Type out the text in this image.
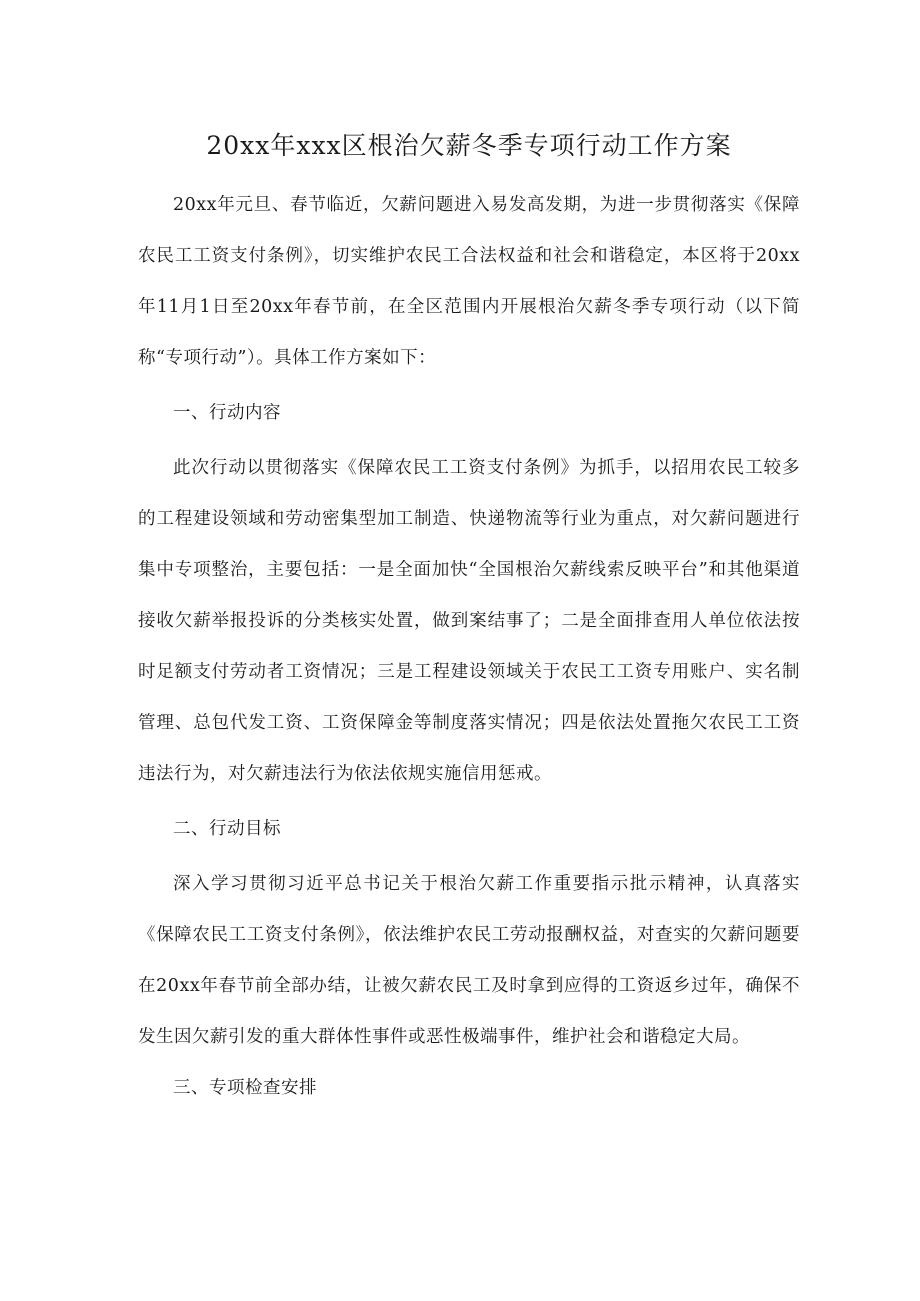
20xx年xxx区根治欠薪冬季专项行动工作方案

20xx年元旦、春节临近，欠薪问题进入易发高发期，为进一步贯彻落实《保障农民工工资支付条例》，切实维护农民工合法权益和社会和谐稳定，本区将于20xx年11月1日至20xx年春节前，在全区范围内开展根治欠薪冬季专项行动（以下简称“专项行动”）。具体工作方案如下：

一、行动内容

此次行动以贯彻落实《保障农民工工资支付条例》为抓手，以招用农民工较多的工程建设领域和劳动密集型加工制造、快递物流等行业为重点，对欠薪问题进行集中专项整治，主要包括：一是全面加快“全国根治欠薪线索反映平台”和其他渠道接收欠薪举报投诉的分类核实处置，做到案结事了；二是全面排查用人单位依法按时足额支付劳动者工资情况；三是工程建设领域关于农民工工资专用账户、实名制管理、总包代发工资、工资保障金等制度落实情况；四是依法处置拖欠农民工工资违法行为，对欠薪违法行为依法依规实施信用惩戒。

二、行动目标

深入学习贯彻习近平总书记关于根治欠薪工作重要指示批示精神，认真落实《保障农民工工资支付条例》，依法维护农民工劳动报酬权益，对查实的欠薪问题要在20xx年春节前全部办结，让被欠薪农民工及时拿到应得的工资返乡过年，确保不发生因欠薪引发的重大群体性事件或恶性极端事件，维护社会和谐稳定大局。

三、专项检查安排
